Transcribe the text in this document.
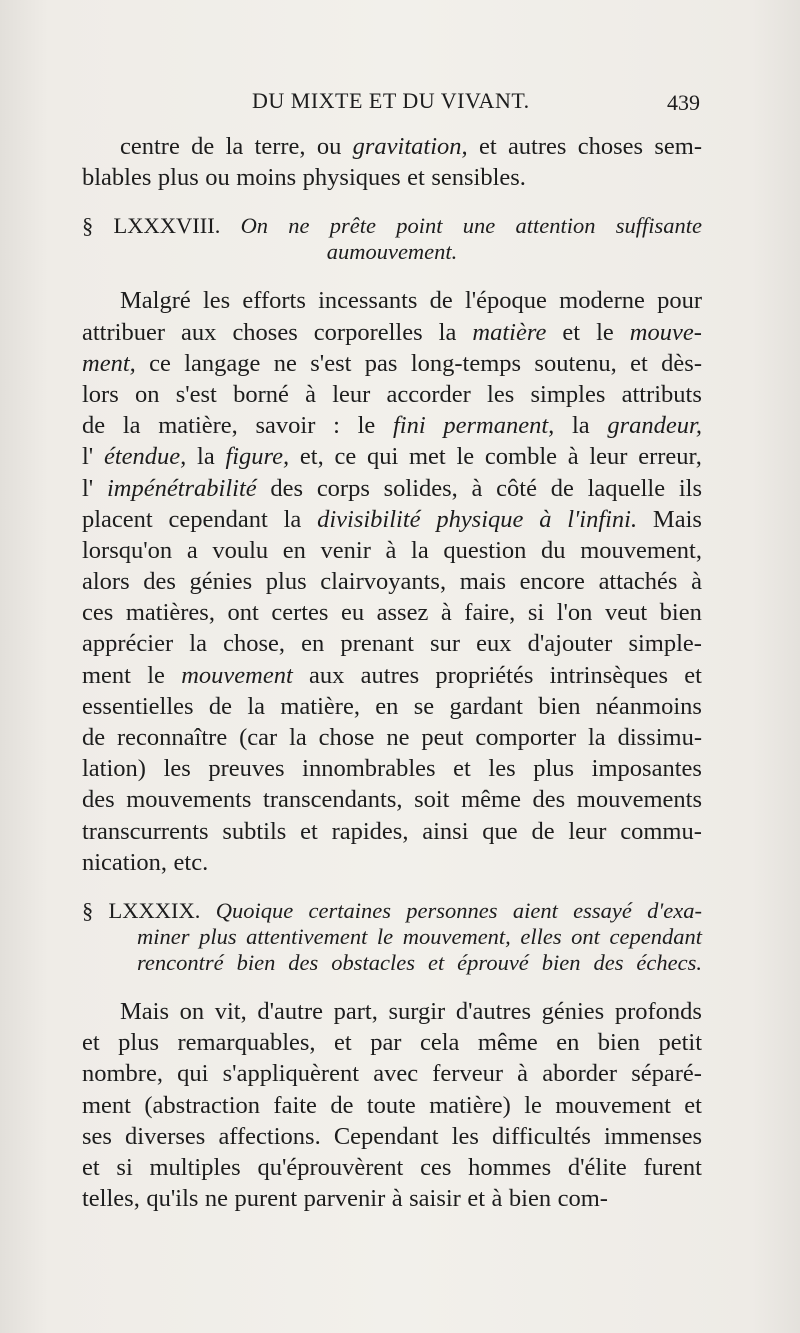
DU MIXTE ET DU VIVANT.	439
centre de la terre, ou gravitation, et autres choses sem-
blables plus ou moins physiques et sensibles.
§ LXXXVIII. On ne prête point une attention suffisante
au mouvement.
Malgré les efforts incessants de l'époque moderne pour
attribuer aux choses corporelles la matière et le mouve-
ment, ce langage ne s'est pas long-temps soutenu, et dès-
lors on s'est borné à leur accorder les simples attributs
de la matière, savoir : le fini permanent, la grandeur,
l' étendue, la figure, et, ce qui met le comble à leur erreur,
l' impénétrabilité des corps solides, à côté de laquelle ils
placent cependant la divisibilité physique à l'infini. Mais
lorsqu'on a voulu en venir à la question du mouvement,
alors des génies plus clairvoyants, mais encore attachés à
ces matières, ont certes eu assez à faire, si l'on veut bien
apprécier la chose, en prenant sur eux d'ajouter simple-
ment le mouvement aux autres propriétés intrinsèques et
essentielles de la matière, en se gardant bien néanmoins
de reconnaître (car la chose ne peut comporter la dissimu-
lation) les preuves innombrables et les plus imposantes
des mouvements transcendants, soit même des mouvements
transcurrents subtils et rapides, ainsi que de leur commu-
nication, etc.
§ LXXXIX. Quoique certaines personnes aient essayé d'exa-
miner plus attentivement le mouvement, elles ont cependant
rencontré bien des obstacles et éprouvé bien des échecs.
Mais on vit, d'autre part, surgir d'autres génies profonds
et plus remarquables, et par cela même en bien petit
nombre, qui s'appliquèrent avec ferveur à aborder séparé-
ment (abstraction faite de toute matière) le mouvement et
ses diverses affections. Cependant les difficultés immenses
et si multiples qu'éprouvèrent ces hommes d'élite furent
telles, qu'ils ne purent parvenir à saisir et à bien com-
